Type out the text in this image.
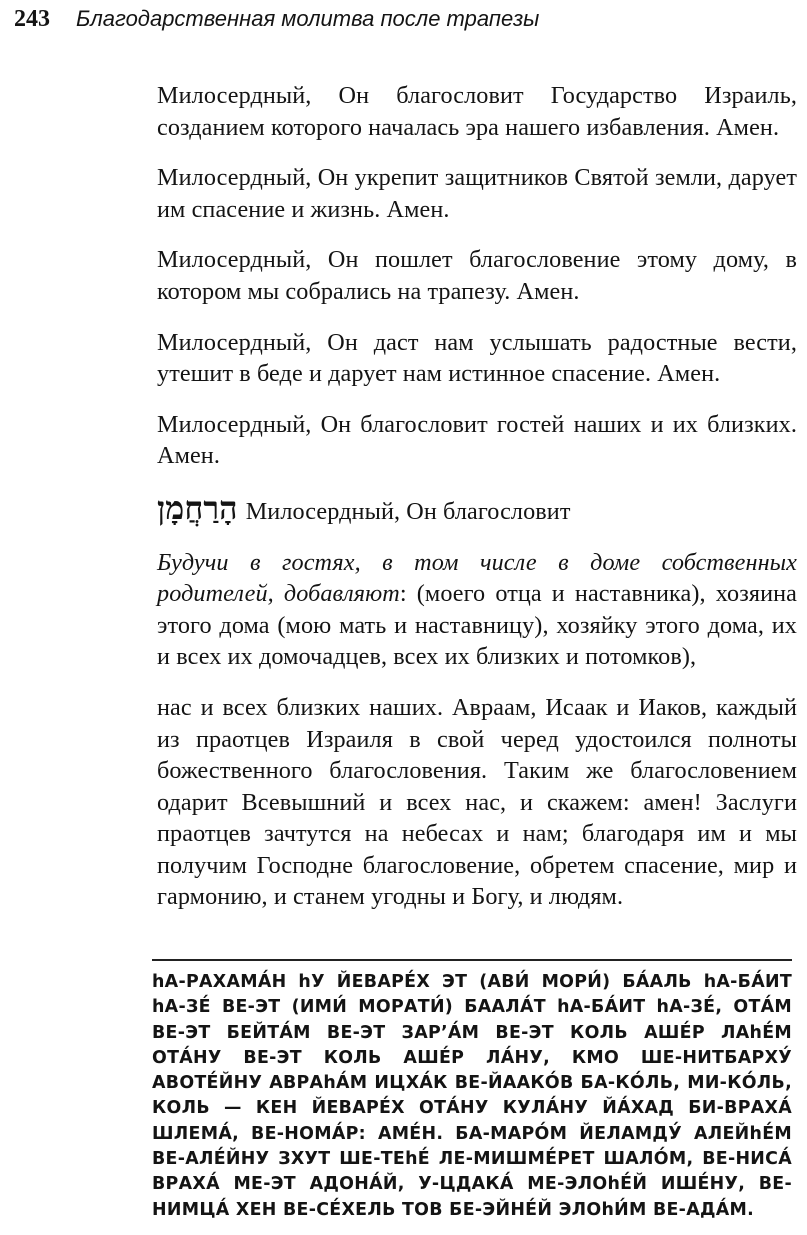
243 Благодарственная молитва после трапезы

Милосердный, Он благословит Государство Израиль, созданием которого началась эра нашего избавления. Амен.

Милосердный, Он укрепит защитников Святой земли, дарует им спасение и жизнь. Амен.

Милосердный, Он пошлет благословение этому дому, в котором мы собрались на трапезу. Амен.

Милосердный, Он даст нам услышать радостные вести, утешит в беде и дарует нам истинное спасение. Амен.

Милосердный, Он благословит гостей наших и их близких. Амен.

הָרַחֲמָן Милосердный, Он благословит

Будучи в гостях, в том числе в доме собственных родителей, добавляют: (моего отца и наставника), хозяина этого дома (мою мать и наставницу), хозяйку этого дома, их и всех их домочадцев, всех их близких и потомков),

нас и всех близких наших. Авраам, Исаак и Иаков, каждый из праотцев Израиля в свой черед удостоился полноты божественного благословения. Таким же благословением одарит Всевышний и всех нас, и скажем: амен! Заслуги праотцев зачтутся на небесах и нам; благодаря им и мы получим Господне благословение, обретем спасение, мир и гармонию, и станем угодны и Богу, и людям.

hА-РАХАМА́Н hУ ЙЕВАРЕ́Х ЭТ (АВИ́ МОРИ́) БА́АЛЬ hА-БА́ИТ hА-ЗЕ́ ВЕ-ЭТ (ИМИ́ МОРАТИ́) БААЛА́Т hА-БА́ИТ hА-ЗЕ́, ОТА́М ВЕ-ЭТ БЕЙТА́М ВЕ-ЭТ ЗАР’А́М ВЕ-ЭТ КОЛЬ АШЕ́Р ЛАhЕ́М ОТА́НУ ВЕ-ЭТ КОЛЬ АШЕ́Р ЛА́НУ, КМО ШЕ-НИТБАРХУ́ АВОТЕ́ЙНУ АВРАhА́М ИЦХА́К ВЕ-ЙААКО́В БА-КО́ЛЬ, МИ-КО́ЛЬ, КОЛЬ — КЕН ЙЕВАРЕ́Х ОТА́НУ КУЛА́НУ ЙА́ХАД БИ-ВРАХА́ ШЛЕМА́, ВЕ-НОМА́Р: АМЕ́Н. БА-МАРО́М ЙЕЛАМДУ́ АЛЕЙhЕ́М ВЕ-АЛЕ́ЙНУ ЗХУТ ШЕ-ТЕhЕ́ ЛЕ-МИШМЕ́РЕТ ШАЛО́М, ВЕ-НИСА́ ВРАХА́ МЕ-ЭТ АДОНА́Й, У-ЦДАКА́ МЕ-ЭЛОhЕ́Й ИШЕ́НУ, ВЕ-НИМЦА́ ХЕН ВЕ-СЕ́ХЕЛЬ ТОВ БЕ-ЭЙНЕ́Й ЭЛОhИ́М ВЕ-АДА́М.
